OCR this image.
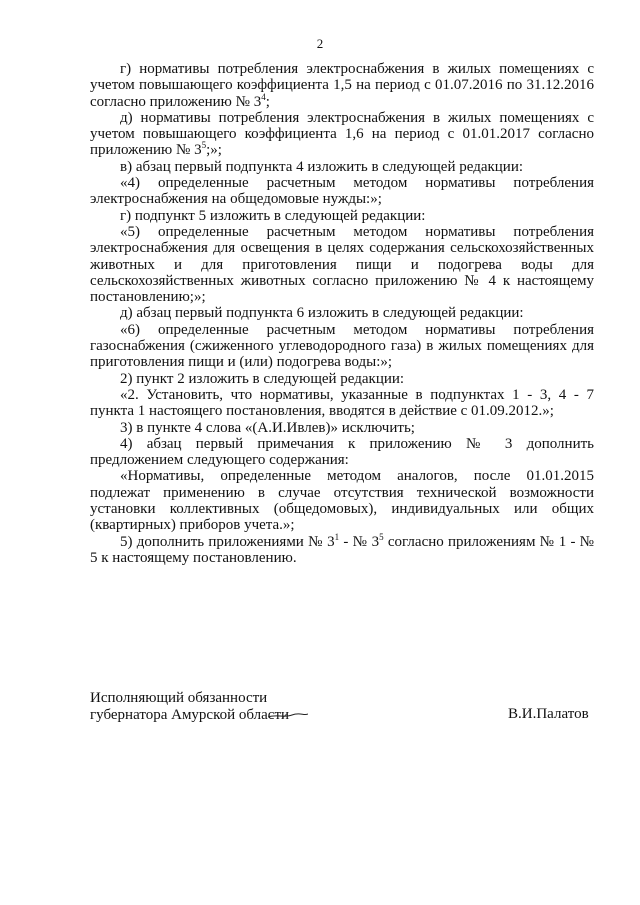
2

г) нормативы потребления электроснабжения в жилых помещениях с учетом повышающего коэффициента 1,5 на период с 01.07.2016 по 31.12.2016 согласно приложению № $3^4$;

д) нормативы потребления электроснабжения в жилых помещениях с учетом повышающего коэффициента 1,6 на период с 01.01.2017 согласно приложению № $3^5$;»;

в) абзац первый подпункта 4 изложить в следующей редакции:

«4) определенные расчетным методом нормативы потребления электроснабжения на общедомовые нужды:»;

г) подпункт 5 изложить в следующей редакции:

«5) определенные расчетным методом нормативы потребления электроснабжения для освещения в целях содержания сельскохозяйственных животных и для приготовления пищи и подогрева воды для сельскохозяйственных животных согласно приложению № 4 к настоящему постановлению;»;

д) абзац первый подпункта 6 изложить в следующей редакции:

«6) определенные расчетным методом нормативы потребления газоснабжения (сжиженного углеводородного газа) в жилых помещениях для приготовления пищи и (или) подогрева воды:»;

2) пункт 2 изложить в следующей редакции:

«2. Установить, что нормативы, указанные в подпунктах 1 - 3, 4 - 7 пункта 1 настоящего постановления, вводятся в действие с 01.09.2012.»;

3) в пункте 4 слова «(А.И.Ивлев)» исключить;

4) абзац первый примечания к приложению № 3 дополнить предложением следующего содержания:

«Нормативы, определенные методом аналогов, после 01.01.2015 подлежат применению в случае отсутствия технической возможности установки коллективных (общедомовых), индивидуальных или общих (квартирных) приборов учета.»;

5) дополнить приложениями № $3^1$ - № $3^5$ согласно приложениям № 1 - № 5 к настоящему постановлению.

Исполняющий обязанности
губернатора Амурской области	В.И.Палатов
